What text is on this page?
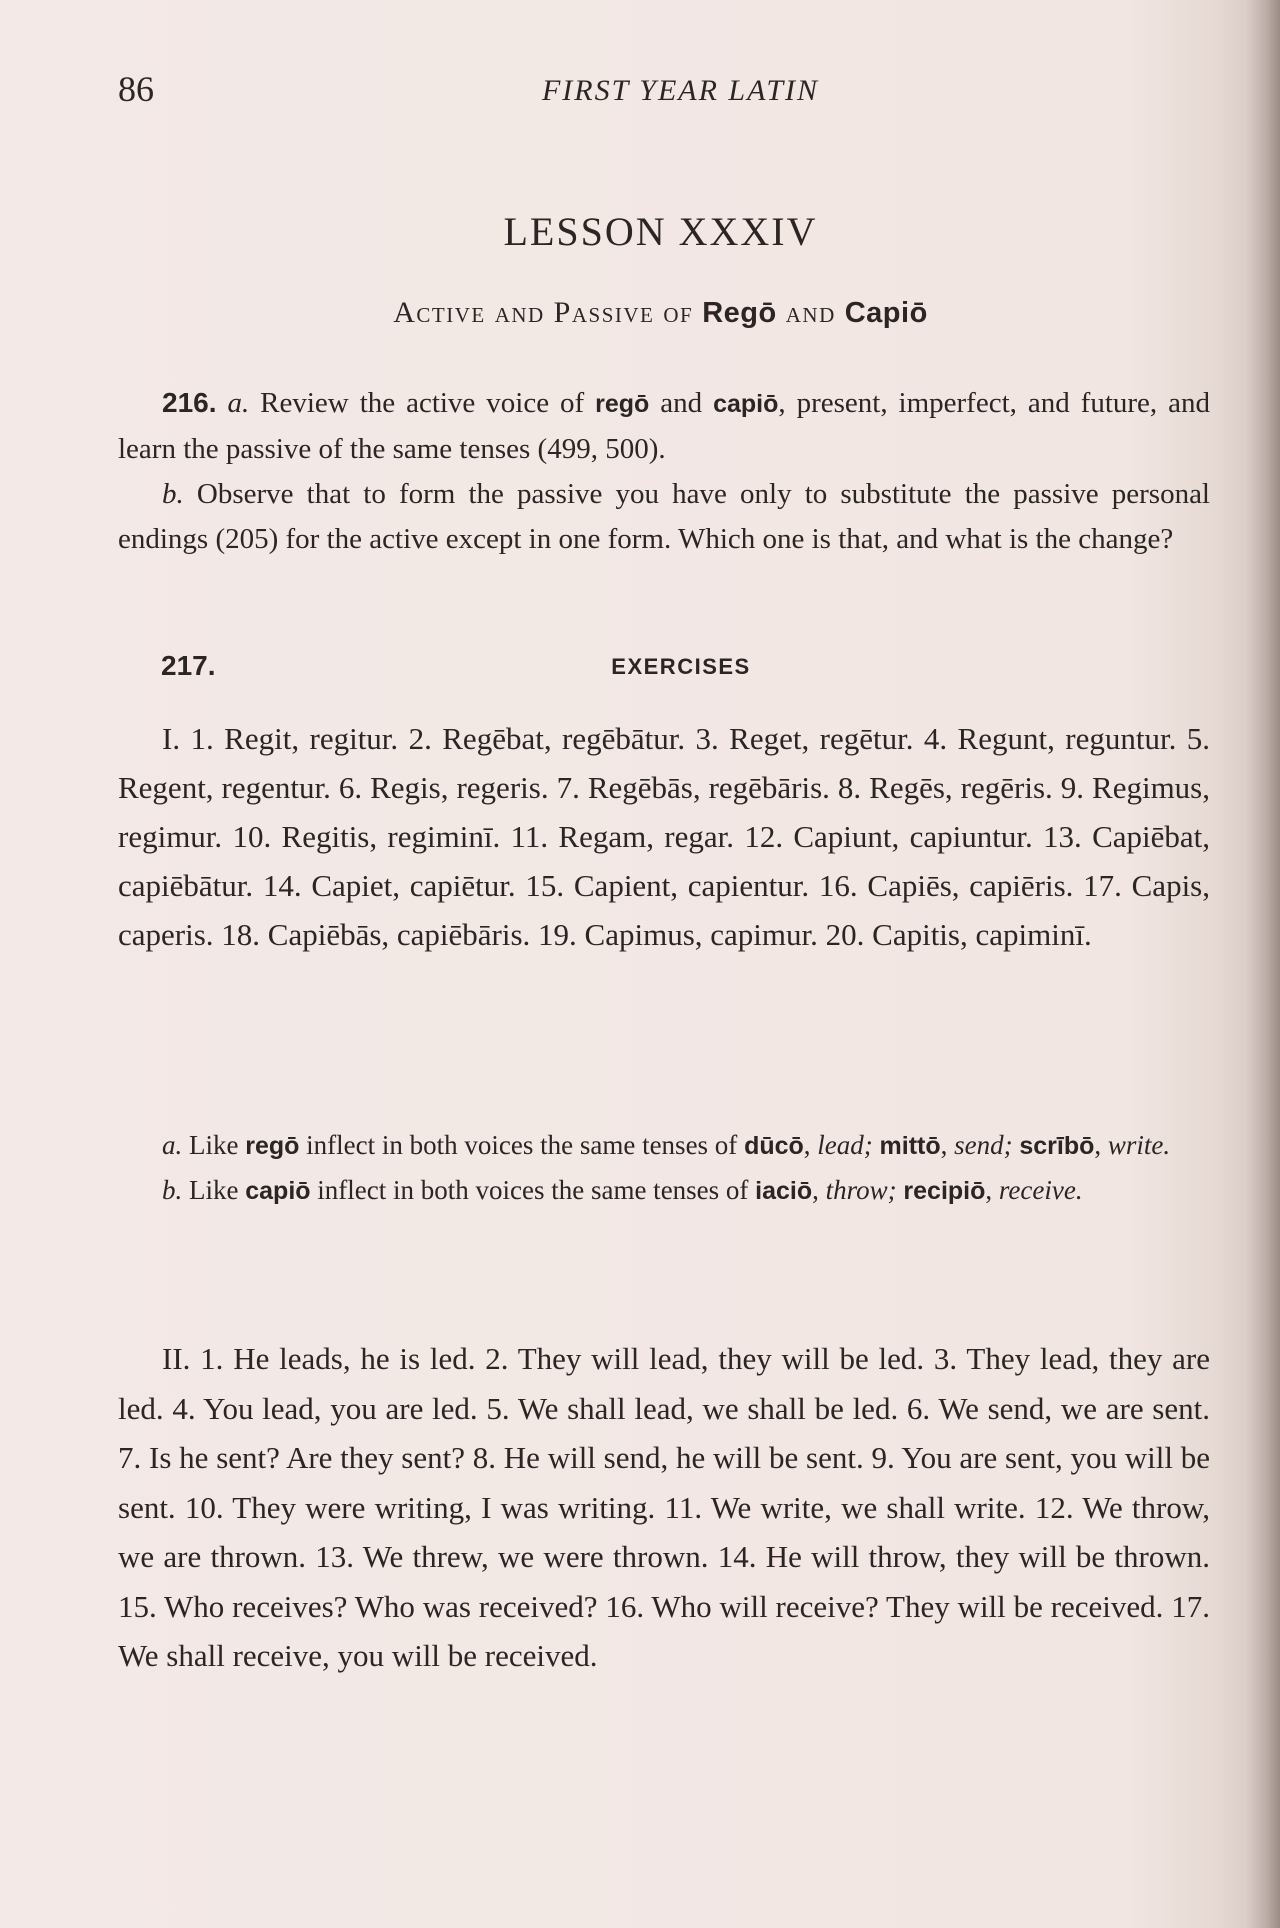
86	FIRST YEAR LATIN
LESSON XXXIV
Active and Passive of Regō and Capiō

216. a. Review the active voice of regō and capiō, present, imperfect, and future, and learn the passive of the same tenses (499, 500).

b. Observe that to form the passive you have only to substitute the passive personal endings (205) for the active except in one form. Which one is that, and what is the change?

217.	EXERCISES

I. 1. Regit, regitur. 2. Regēbat, regēbātur. 3. Reget, regētur. 4. Regunt, reguntur. 5. Regent, regentur. 6. Regis, regeris. 7. Regēbās, regēbāris. 8. Regēs, regēris. 9. Regimus, regimur. 10. Regitis, regiminī. 11. Regam, regar. 12. Capiunt, capiuntur. 13. Capiēbat, capiēbātur. 14. Capiet, capiētur. 15. Capient, capientur. 16. Capiēs, capiēris. 17. Capis, caperis. 18. Capiēbās, capiēbāris. 19. Capimus, capimur. 20. Capitis, capiminī.

a. Like regō inflect in both voices the same tenses of dūcō, lead; mittō, send; scrībō, write.

b. Like capiō inflect in both voices the same tenses of iaciō, throw; recipiō, receive.

II. 1. He leads, he is led. 2. They will lead, they will be led. 3. They lead, they are led. 4. You lead, you are led. 5. We shall lead, we shall be led. 6. We send, we are sent. 7. Is he sent? Are they sent? 8. He will send, he will be sent. 9. You are sent, you will be sent. 10. They were writing, I was writing. 11. We write, we shall write. 12. We throw, we are thrown. 13. We threw, we were thrown. 14. He will throw, they will be thrown. 15. Who receives? Who was received? 16. Who will receive? They will be received. 17. We shall receive, you will be received.
